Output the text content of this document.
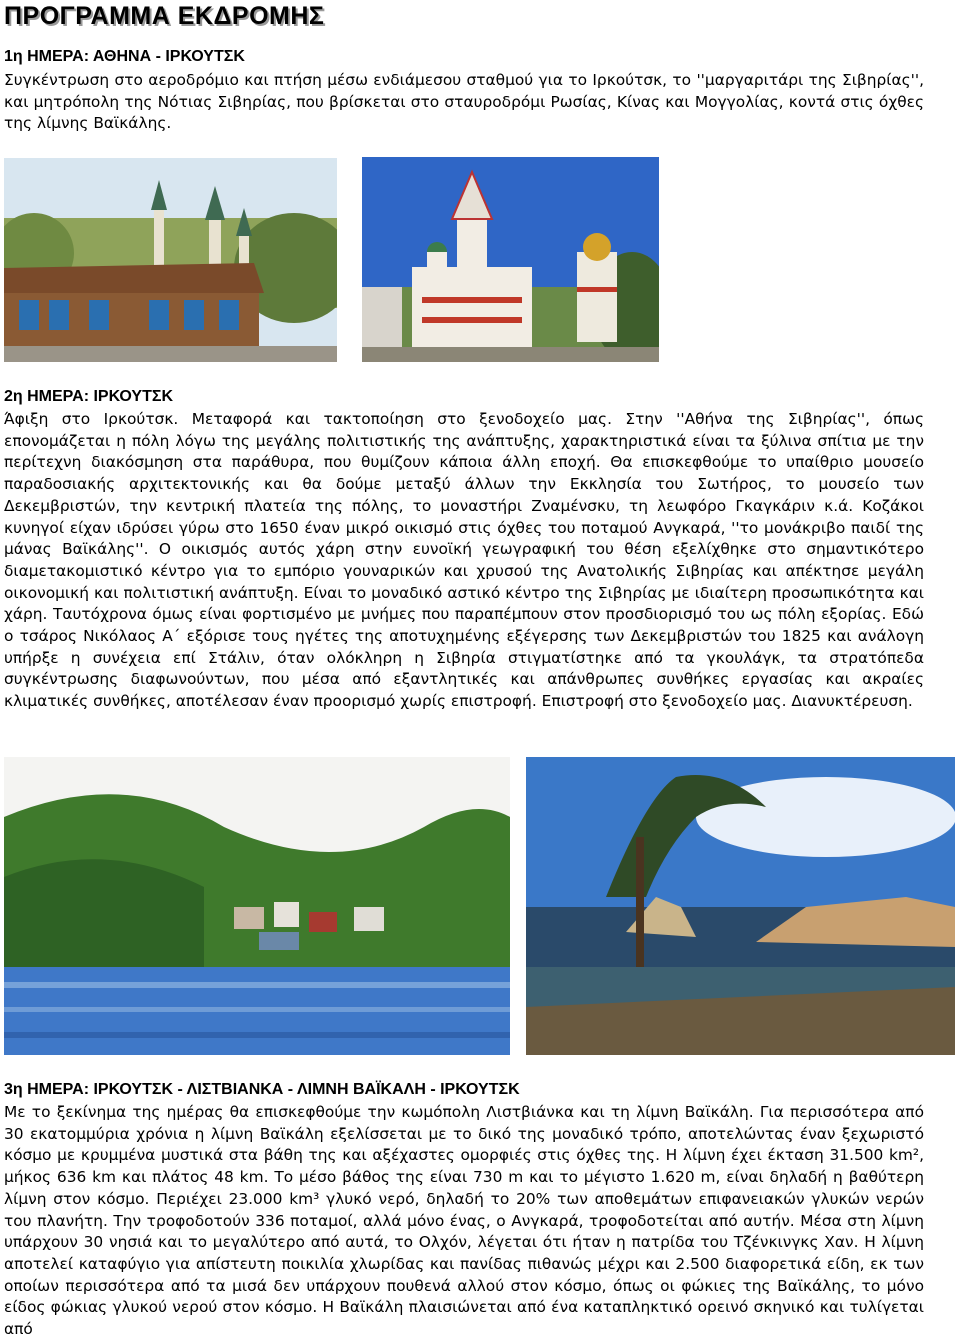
ΠΡΟΓΡΑΜΜΑ ΕΚΔΡΟΜΗΣ
1η ΗΜΕΡΑ: ΑΘΗΝΑ - ΙΡΚΟΥΤΣΚ

Συγκέντρωση στο αεροδρόμιο και πτήση μέσω ενδιάμεσου σταθμού για το Ιρκούτσκ, το ''μαργαριτάρι της Σιβηρίας'', και μητρόπολη της Νότιας Σιβηρίας, που βρίσκεται στο σταυροδρόμι Ρωσίας, Κίνας και Μογγολίας, κοντά στις όχθες της λίμνης Βαϊκάλης.

2η ΗΜΕΡΑ: ΙΡΚΟΥΤΣΚ

Άφιξη στο Ιρκούτσκ. Μεταφορά και τακτοποίηση στο ξενοδοχείο μας. Στην ''Αθήνα της Σιβηρίας'', όπως επονομάζεται η πόλη λόγω της μεγάλης πολιτιστικής της ανάπτυξης, χαρακτηριστικά είναι τα ξύλινα σπίτια με την περίτεχνη διακόσμηση στα παράθυρα, που θυμίζουν κάποια άλλη εποχή. Θα επισκεφθούμε το υπαίθριο μουσείο παραδοσιακής αρχιτεκτονικής και θα δούμε μεταξύ άλλων την Εκκλησία του Σωτήρος, το μουσείο των Δεκεμβριστών, την κεντρική πλατεία της πόλης, το μοναστήρι Ζναμένσκυ, τη λεωφόρο Γκαγκάριν κ.ά. Κοζάκοι κυνηγοί είχαν ιδρύσει γύρω στο 1650 έναν μικρό οικισμό στις όχθες του ποταμού Ανγκαρά, ''το μονάκριβο παιδί της μάνας Βαϊκάλης''. Ο οικισμός αυτός χάρη στην ευνοϊκή γεωγραφική του θέση εξελίχθηκε στο σημαντικότερο διαμετακομιστικό κέντρο για το εμπόριο γουναρικών και χρυσού της Ανατολικής Σιβηρίας και απέκτησε μεγάλη οικονομική και πολιτιστική ανάπτυξη. Είναι το μοναδικό αστικό κέντρο της Σιβηρίας με ιδιαίτερη προσωπικότητα και χάρη. Ταυτόχρονα όμως είναι φορτισμένο με μνήμες που παραπέμπουν στον προσδιορισμό του ως πόλη εξορίας. Εδώ ο τσάρος Νικόλαος Α΄ εξόρισε τους ηγέτες της αποτυχημένης εξέγερσης των Δεκεμβριστών του 1825 και ανάλογη υπήρξε η συνέχεια επί Στάλιν, όταν ολόκληρη η Σιβηρία στιγματίστηκε από τα γκουλάγκ, τα στρατόπεδα συγκέντρωσης διαφωνούντων, που μέσα από εξαντλητικές και απάνθρωπες συνθήκες εργασίας και ακραίες κλιματικές συνθήκες, αποτέλεσαν έναν προορισμό χωρίς επιστροφή. Επιστροφή στο ξενοδοχείο μας. Διανυκτέρευση.

3η ΗΜΕΡΑ: ΙΡΚΟΥΤΣΚ - ΛΙΣΤΒΙΑΝΚΑ - ΛΙΜΝΗ ΒΑΪΚΑΛΗ - ΙΡΚΟΥΤΣΚ

Με το ξεκίνημα της ημέρας θα επισκεφθούμε την κωμόπολη Λιστβιάνκα και τη λίμνη Βαϊκάλη. Για περισσότερα από 30 εκατομμύρια χρόνια η λίμνη Βαϊκάλη εξελίσσεται με το δικό της μοναδικό τρόπο, αποτελώντας έναν ξεχωριστό κόσμο με κρυμμένα μυστικά στα βάθη της και αξέχαστες ομορφιές στις όχθες της. Η λίμνη έχει έκταση 31.500 km², μήκος 636 km και πλάτος 48 km. Το μέσο βάθος της είναι 730 m και το μέγιστο 1.620 m, είναι δηλαδή η βαθύτερη λίμνη στον κόσμο. Περιέχει 23.000 km³ γλυκό νερό, δηλαδή το 20% των αποθεμάτων επιφανειακών γλυκών νερών του πλανήτη. Την τροφοδοτούν 336 ποταμοί, αλλά μόνο ένας, ο Ανγκαρά, τροφοδοτείται από αυτήν. Μέσα στη λίμνη υπάρχουν 30 νησιά και το μεγαλύτερο από αυτά, το Ολχόν, λέγεται ότι ήταν η πατρίδα του Τζένκινγκς Χαν. Η λίμνη αποτελεί καταφύγιο για απίστευτη ποικιλία χλωρίδας και πανίδας πιθανώς μέχρι και 2.500 διαφορετικά είδη, εκ των οποίων περισσότερα από τα μισά δεν υπάρχουν πουθενά αλλού στον κόσμο, όπως οι φώκιες της Βαϊκάλης, το μόνο είδος φώκιας γλυκού νερού στον κόσμο. Η Βαϊκάλη πλαισιώνεται από ένα καταπληκτικό ορεινό σκηνικό και τυλίγεται από
